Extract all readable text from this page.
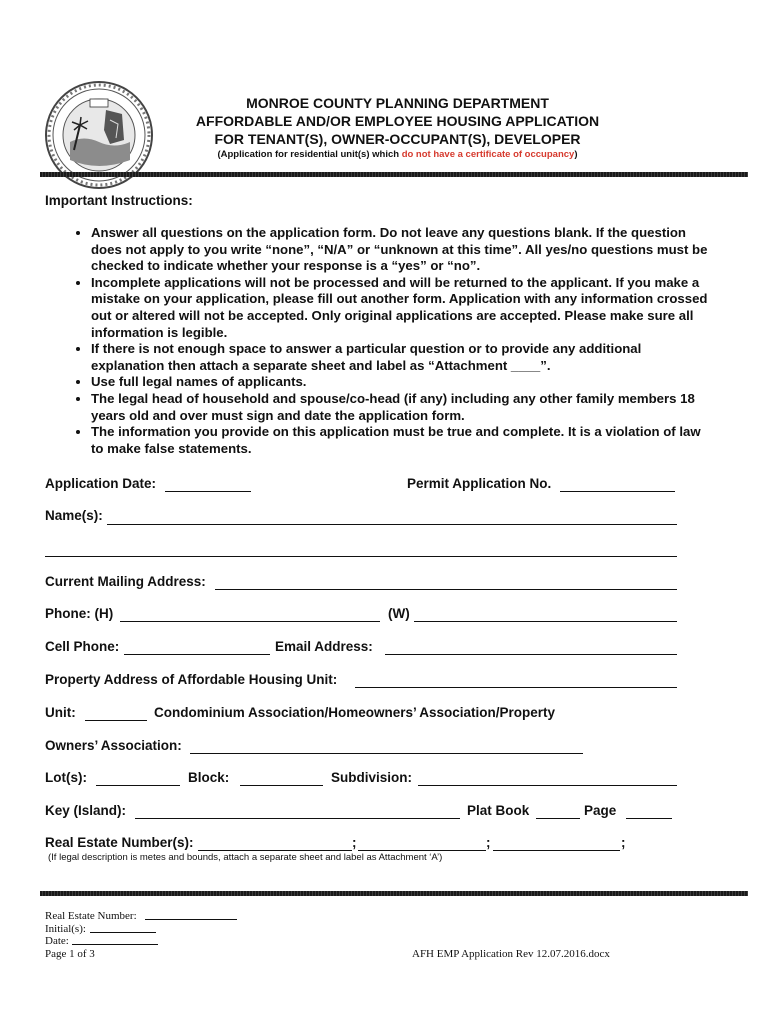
MONROE COUNTY PLANNING DEPARTMENT
AFFORDABLE AND/OR EMPLOYEE HOUSING APPLICATION
FOR TENANT(S), OWNER-OCCUPANT(S), DEVELOPER
(Application for residential unit(s) which do not have a certificate of occupancy)
Important Instructions:
• Answer all questions on the application form. Do not leave any questions blank. If the question does not apply to you write “none”, “N/A” or “unknown at this time”. All yes/no questions must be checked to indicate whether your response is a “yes” or “no”.
• Incomplete applications will not be processed and will be returned to the applicant. If you make a mistake on your application, please fill out another form. Application with any information crossed out or altered will not be accepted. Only original applications are accepted. Please make sure all information is legible.
• If there is not enough space to answer a particular question or to provide any additional explanation then attach a separate sheet and label as “Attachment ____”.
• Use full legal names of applicants.
• The legal head of household and spouse/co-head (if any) including any other family members 18 years old and over must sign and date the application form.
• The information you provide on this application must be true and complete. It is a violation of law to make false statements.
Application Date:	Permit Application No.
Name(s):
Current Mailing Address:
Phone: (H)	(W)
Cell Phone:	Email Address:
Property Address of Affordable Housing Unit:
Unit:	Condominium Association/Homeowners’ Association/Property
Owners’ Association:
Lot(s):	Block:	Subdivision:
Key (Island):	Plat Book	Page
Real Estate Number(s):	;	;	;
(If legal description is metes and bounds, attach a separate sheet and label as Attachment ‘A’)
Real Estate Number:
Initial(s):
Date:
Page 1 of 3	AFH EMP Application Rev 12.07.2016.docx
